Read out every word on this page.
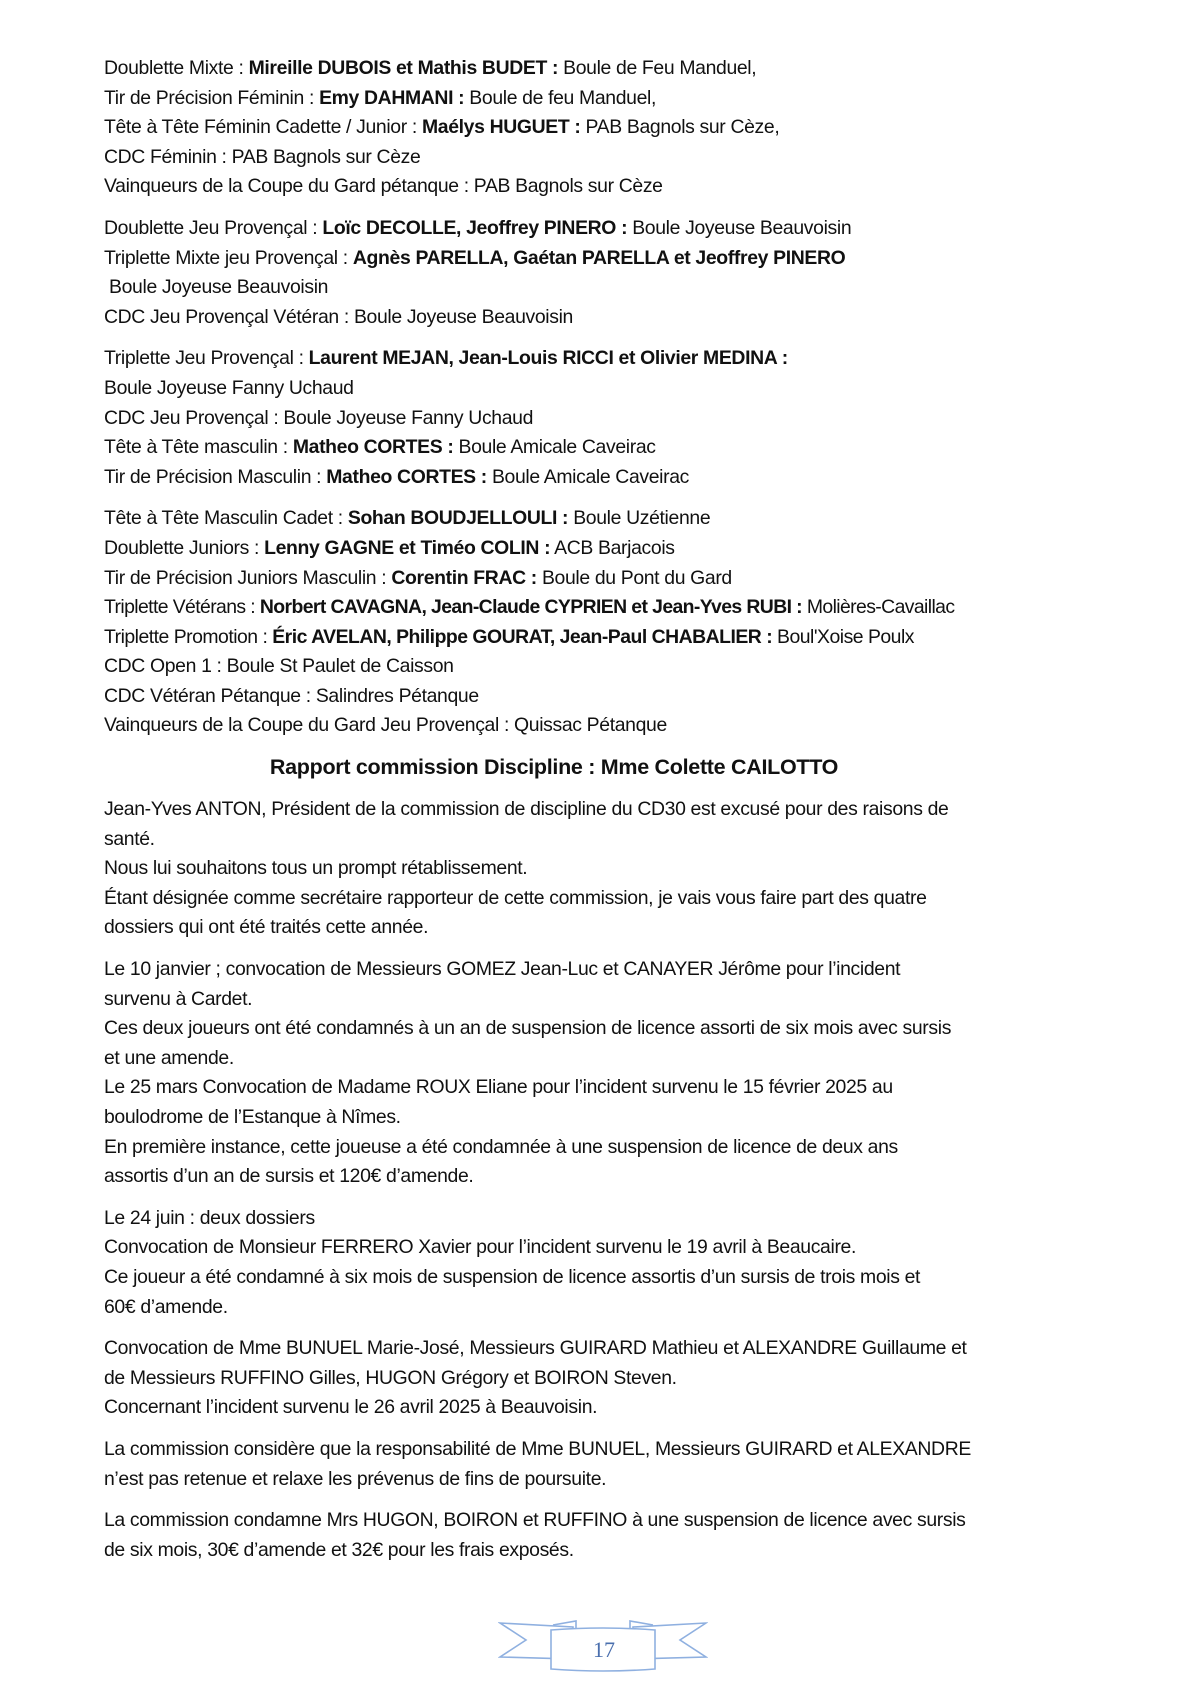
Doublette Mixte : Mireille DUBOIS et Mathis BUDET : Boule de Feu Manduel,
Tir de Précision Féminin : Emy DAHMANI : Boule de feu Manduel,
Tête à Tête Féminin Cadette / Junior : Maélys HUGUET : PAB Bagnols sur Cèze,
CDC Féminin : PAB Bagnols sur Cèze
Vainqueurs de la Coupe du Gard pétanque : PAB Bagnols sur Cèze
Doublette Jeu Provençal : Loïc DECOLLE, Jeoffrey PINERO : Boule Joyeuse Beauvoisin
Triplette Mixte jeu Provençal : Agnès PARELLA, Gaétan PARELLA et Jeoffrey PINERO
Boule Joyeuse Beauvoisin
CDC Jeu Provençal Vétéran : Boule Joyeuse Beauvoisin
Triplette Jeu Provençal : Laurent MEJAN, Jean-Louis RICCI et Olivier MEDINA :
Boule Joyeuse Fanny Uchaud
CDC Jeu Provençal : Boule Joyeuse Fanny Uchaud
Tête à Tête masculin : Matheo CORTES : Boule Amicale Caveirac
Tir de Précision Masculin : Matheo CORTES : Boule Amicale Caveirac
Tête à Tête Masculin Cadet : Sohan BOUDJELLOULI : Boule Uzétienne
Doublette Juniors : Lenny GAGNE et Timéo COLIN : ACB Barjacois
Tir de Précision Juniors Masculin : Corentin FRAC : Boule du Pont du Gard
Triplette Vétérans : Norbert CAVAGNA, Jean-Claude CYPRIEN et Jean-Yves RUBI : Molières-Cavaillac
Triplette Promotion : Éric AVELAN, Philippe GOURAT, Jean-Paul CHABALIER : Boul'Xoise Poulx
CDC Open 1 : Boule St Paulet de Caisson
CDC Vétéran Pétanque : Salindres Pétanque
Vainqueurs de la Coupe du Gard Jeu Provençal : Quissac Pétanque
Rapport commission Discipline : Mme Colette CAILOTTO
Jean-Yves ANTON, Président de la commission de discipline du CD30 est excusé pour des raisons de
santé.
Nous lui souhaitons tous un prompt rétablissement.
Étant désignée comme secrétaire rapporteur de cette commission, je vais vous faire part des quatre
dossiers qui ont été traités cette année.
Le 10 janvier ; convocation de Messieurs GOMEZ Jean-Luc et CANAYER Jérôme pour l’incident
survenu à Cardet.
Ces deux joueurs ont été condamnés à un an de suspension de licence assorti de six mois avec sursis
et une amende.
Le 25 mars Convocation de Madame ROUX Eliane pour l’incident survenu le 15 février 2025 au
boulodrome de l’Estanque à Nîmes.
En première instance, cette joueuse a été condamnée à une suspension de licence de deux ans
assortis d’un an de sursis et 120€ d’amende.
Le 24 juin : deux dossiers
Convocation de Monsieur FERRERO Xavier pour l’incident survenu le 19 avril à Beaucaire.
Ce joueur a été condamné à six mois de suspension de licence assortis d’un sursis de trois mois et
60€ d’amende.
Convocation de Mme BUNUEL Marie-José, Messieurs GUIRARD Mathieu et ALEXANDRE Guillaume et
de Messieurs RUFFINO Gilles, HUGON Grégory et BOIRON Steven.
Concernant l’incident survenu le 26 avril 2025 à Beauvoisin.
La commission considère que la responsabilité de Mme BUNUEL, Messieurs GUIRARD et ALEXANDRE
n’est pas retenue et relaxe les prévenus de fins de poursuite.
La commission condamne Mrs HUGON, BOIRON et RUFFINO à une suspension de licence avec sursis
de six mois, 30€ d’amende et 32€ pour les frais exposés.
17
